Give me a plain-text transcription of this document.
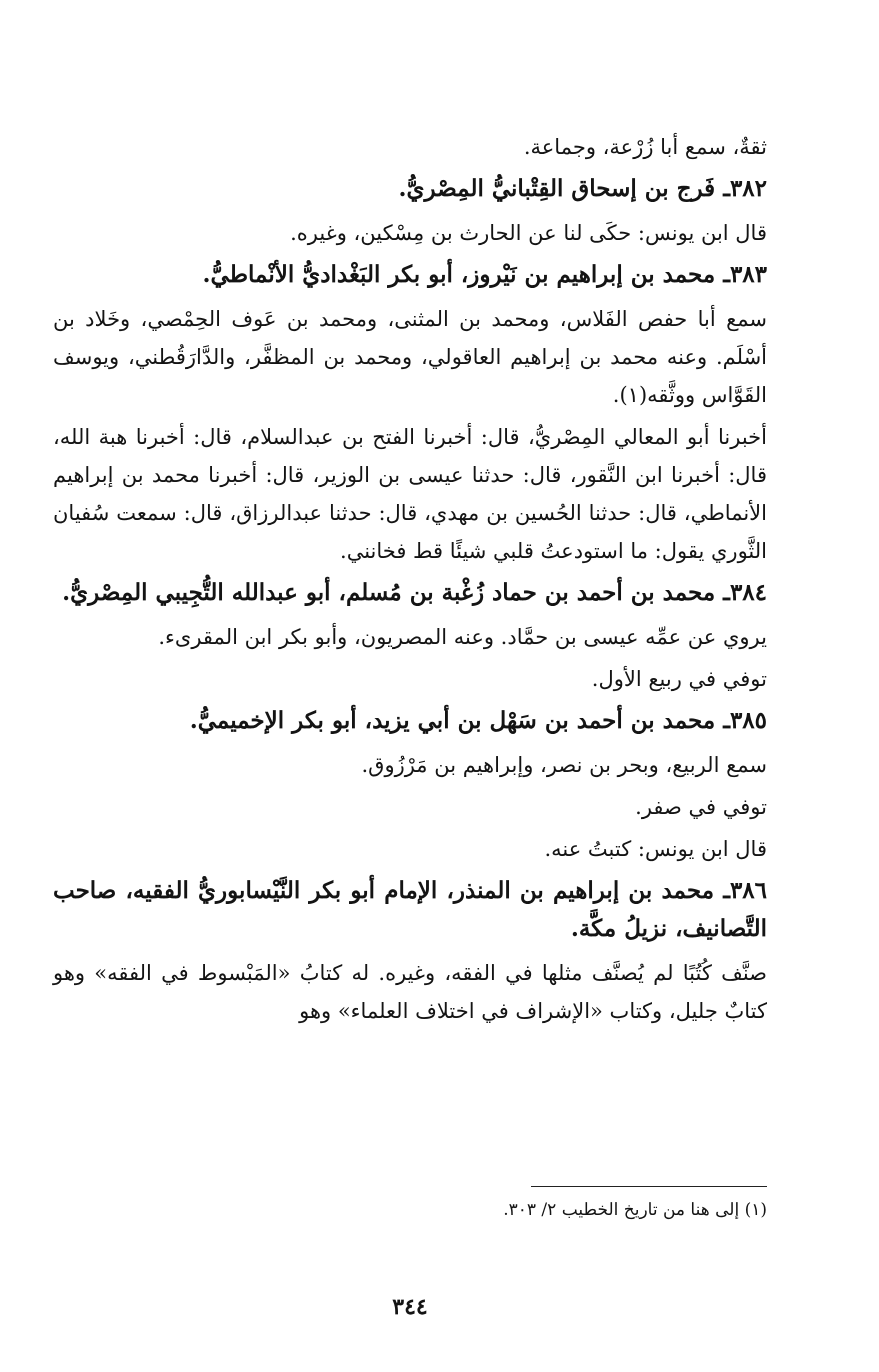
ثقةٌ، سمع أبا زُرْعة، وجماعة.

٣٨٢ـ فَرج بن إسحاق القِتْبانيُّ المِصْريُّ.

قال ابن يونس: حكَى لنا عن الحارث بن مِسْكين، وغيره.

٣٨٣ـ محمد بن إبراهيم بن نَيْروز، أبو بكر البَغْداديُّ الأنْماطيُّ.

سمع أبا حفص الفَلاس، ومحمد بن المثنى، ومحمد بن عَوف الحِمْصي، وخَلاد بن أسْلَم. وعنه محمد بن إبراهيم العاقولي، ومحمد بن المظفَّر، والدَّارَقُطني، ويوسف القَوَّاس ووثَّقه(١).

أخبرنا أبو المعالي المِصْريُّ، قال: أخبرنا الفتح بن عبدالسلام، قال: أخبرنا هبة الله، قال: أخبرنا ابن النَّقور، قال: حدثنا عيسى بن الوزير، قال: أخبرنا محمد بن إبراهيم الأنماطي، قال: حدثنا الحُسين بن مهدي، قال: حدثنا عبدالرزاق، قال: سمعت سُفيان الثَّوري يقول: ما استودعتُ قلبي شيئًا قط فخانني.

٣٨٤ـ محمد بن أحمد بن حماد زُغْبة بن مُسلم، أبو عبدالله التُّجِيبي المِصْريُّ.

يروي عن عمِّه عيسى بن حمَّاد. وعنه المصريون، وأبو بكر ابن المقرىء.

توفي في ربيع الأول.

٣٨٥ـ محمد بن أحمد بن سَهْل بن أبي يزيد، أبو بكر الإخميميُّ.

سمع الربيع، وبحر بن نصر، وإبراهيم بن مَرْزُوق.

توفي في صفر.

قال ابن يونس: كتبتُ عنه.

٣٨٦ـ محمد بن إبراهيم بن المنذر، الإمام أبو بكر النَّيْسابوريُّ الفقيه، صاحب التَّصانيف، نزيلُ مكَّة.

صنَّف كُتُبًا لم يُصنَّف مثلها في الفقه، وغيره. له كتابُ «المَبْسوط في الفقه» وهو كتابٌ جليل، وكتاب «الإشراف في اختلاف العلماء» وهو

(١) إلى هنا من تاريخ الخطيب ٢/ ٣٠٣.
٣٤٤
